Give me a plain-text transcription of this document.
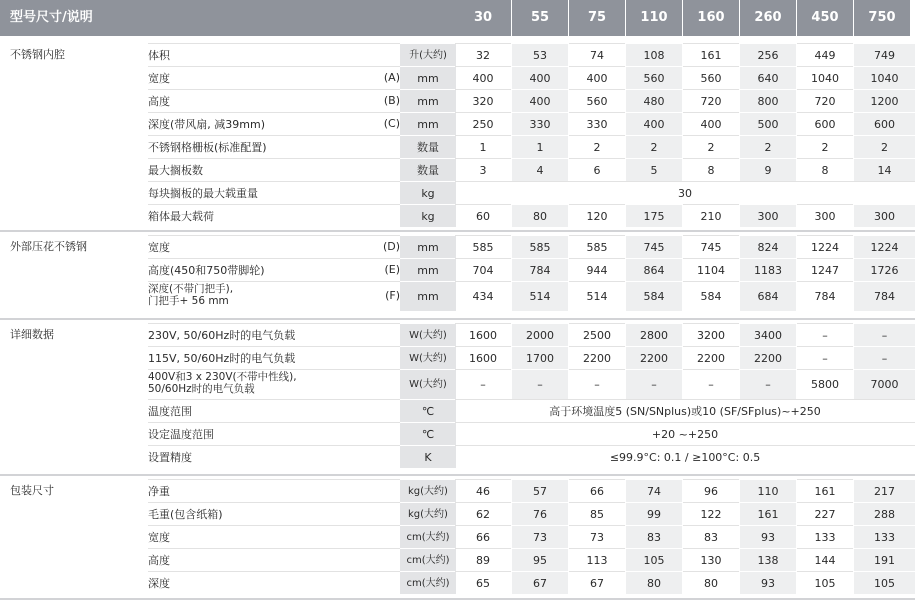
型号尺寸/说明	30	55	75	110	160	260	450	750
不锈钢内腔	体积	升(大约)	32	53	74	108	161	256	449	749
宽度	(A)	mm	400	400	400	560	560	640	1040	1040
高度	(B)	mm	320	400	560	480	720	800	720	1200
深度(带风扇, 减39mm)	(C)	mm	250	330	330	400	400	500	600	600
不锈钢格栅板(标准配置)	数量	1	1	2	2	2	2	2	2
最大搁板数	数量	3	4	6	5	8	9	8	14
每块搁板的最大载重量	kg	30
箱体最大载荷	kg	60	80	120	175	210	300	300	300
外部压花不锈钢	宽度	(D)	mm	585	585	585	745	745	824	1224	1224
高度(450和750带脚轮)	(E)	mm	704	784	944	864	1104	1183	1247	1726
深度(不带门把手),
门把手+ 56 mm	(F)	mm	434	514	514	584	584	684	784	784
详细数据	230V, 50/60Hz时的电气负载	W(大约)	1600	2000	2500	2800	3200	3400	–	–
115V, 50/60Hz时的电气负载	W(大约)	1600	1700	2200	2200	2200	2200	–	–
400V和3 x 230V(不带中性线),
50/60Hz时的电气负载	W(大约)	–	–	–	–	–	–	5800	7000
温度范围	℃	高于环境温度5 (SN/SNplus)或10 (SF/SFplus)~+250
设定温度范围	℃	+20 ~+250
设置精度	K	≤99.9°C: 0.1 / ≥100°C: 0.5
包装尺寸	净重	kg(大约)	46	57	66	74	96	110	161	217
毛重(包含纸箱)	kg(大约)	62	76	85	99	122	161	227	288
宽度	cm(大约)	66	73	73	83	83	93	133	133
高度	cm(大约)	89	95	113	105	130	138	144	191
深度	cm(大约)	65	67	67	80	80	93	105	105
